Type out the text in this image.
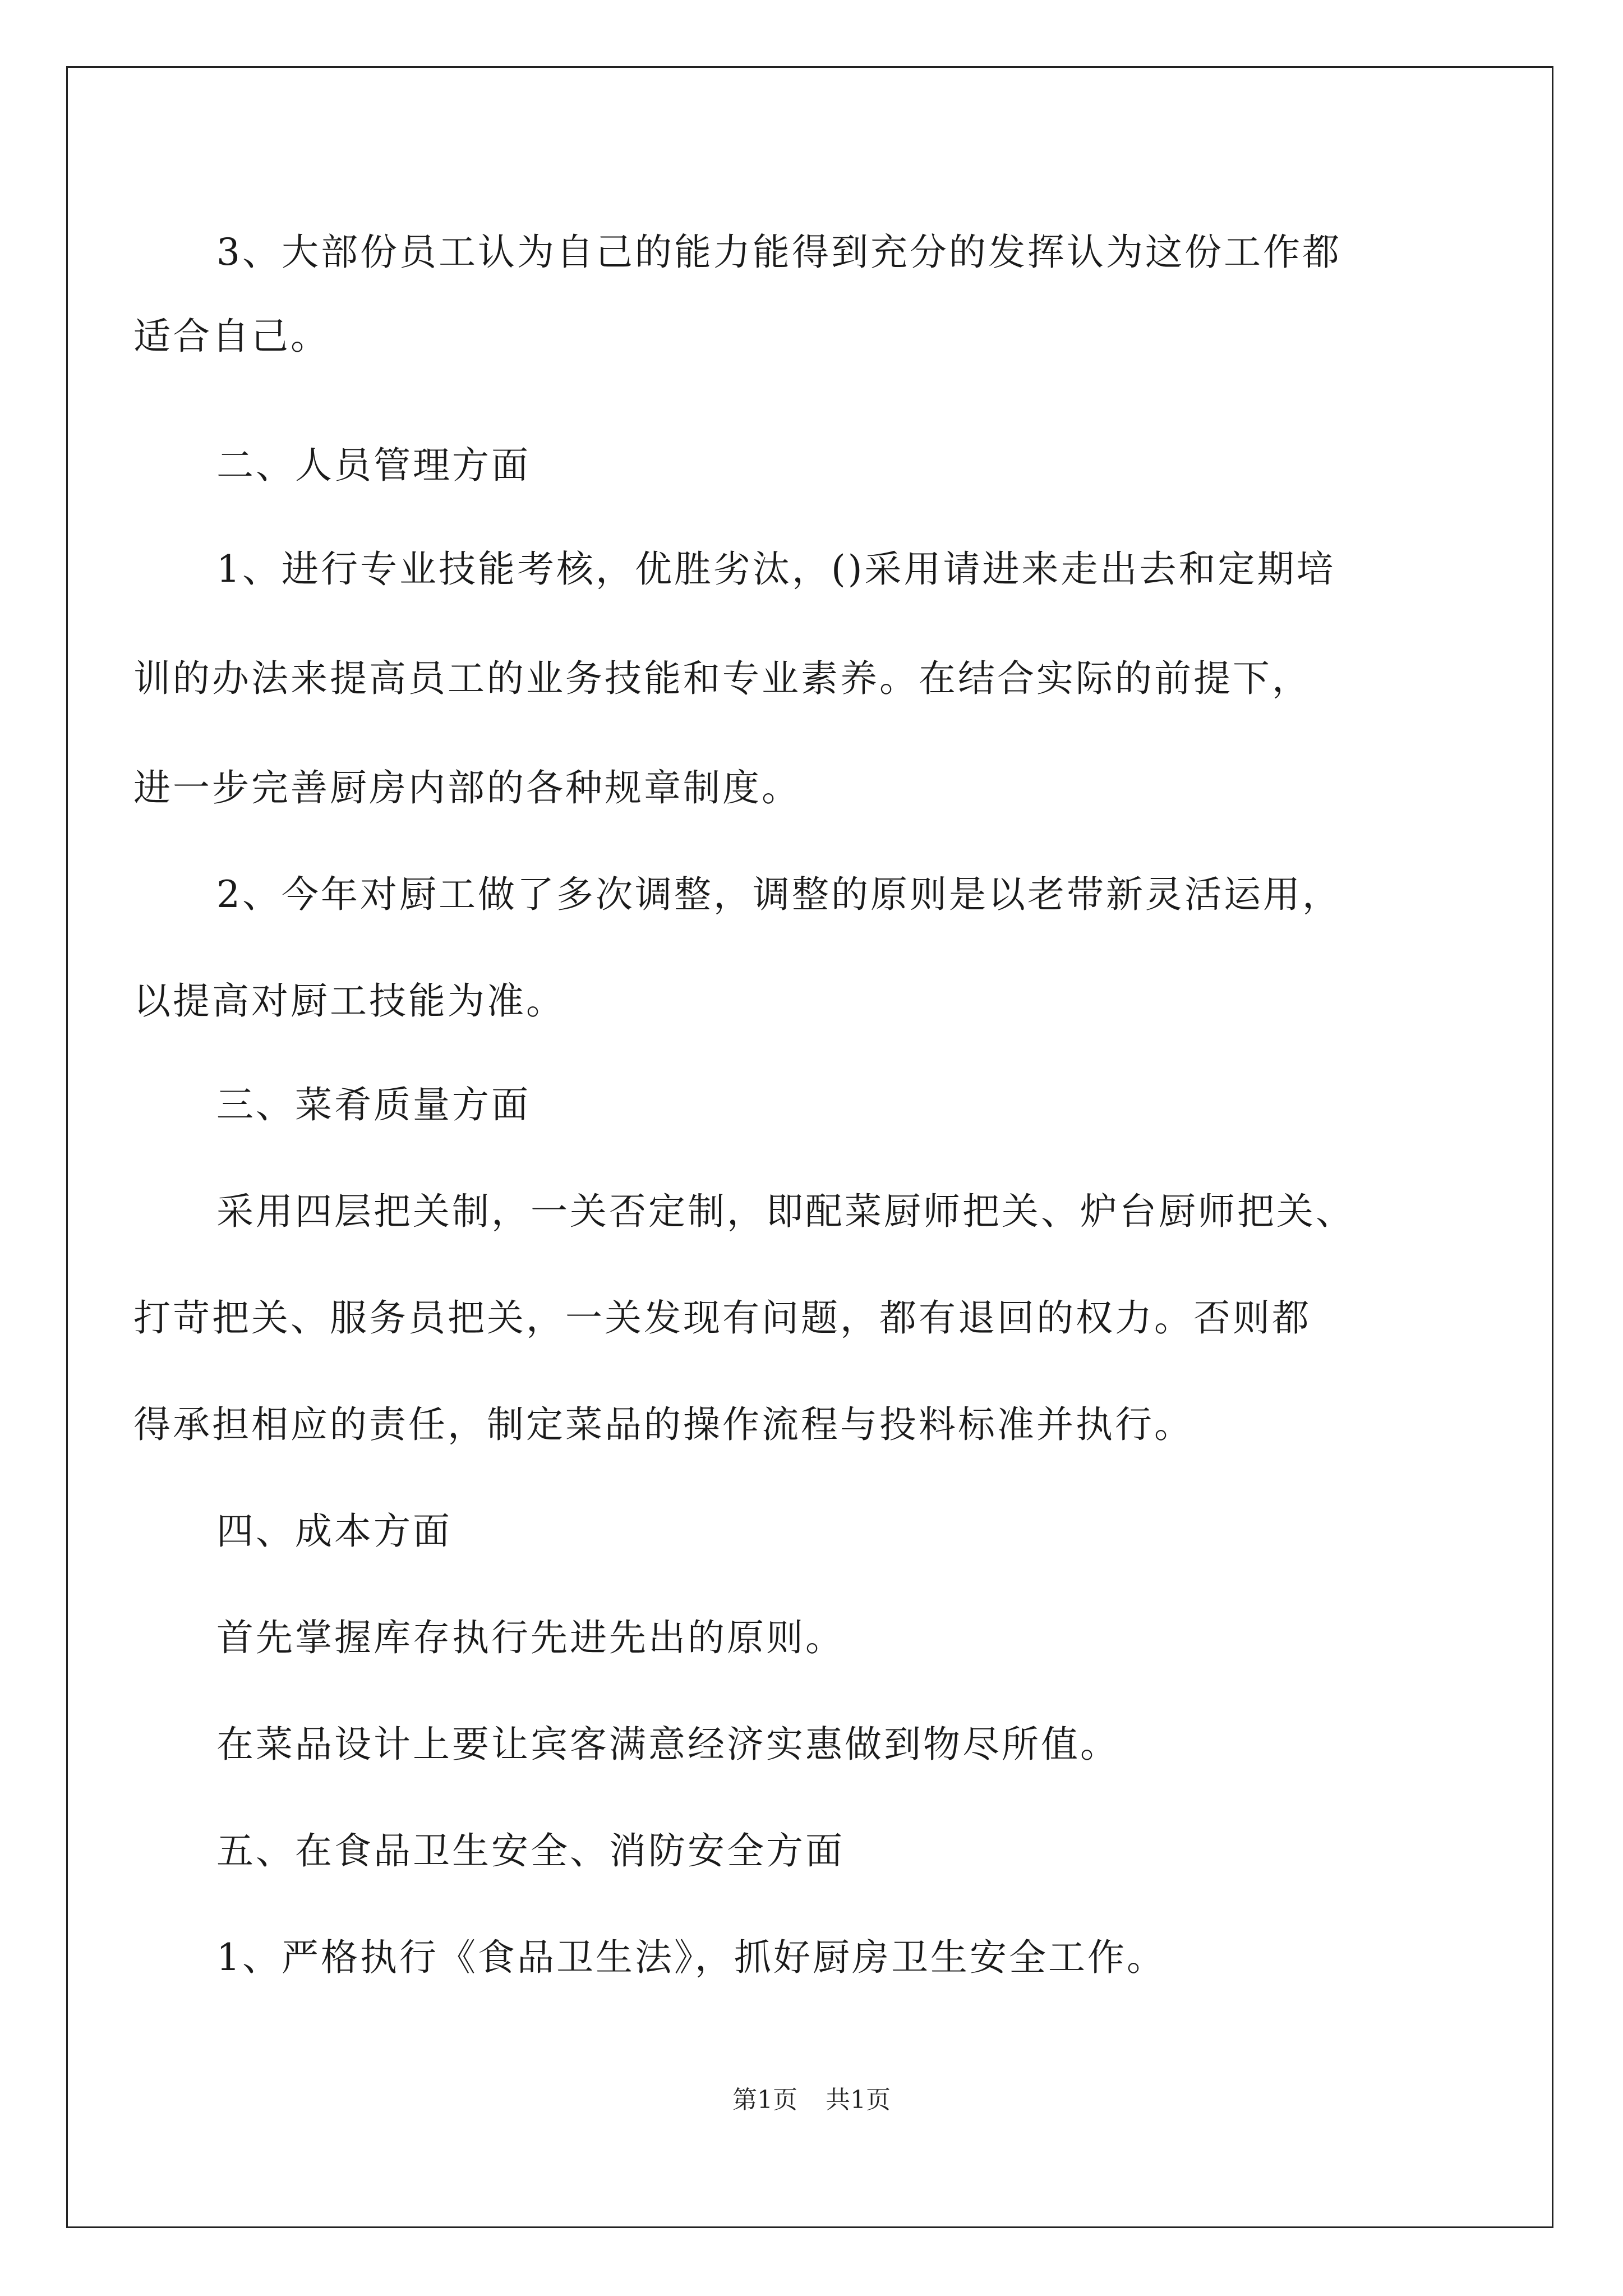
3、大部份员工认为自己的能力能得到充分的发挥认为这份工作都
适合自己。
二、人员管理方面
1、进行专业技能考核，优胜劣汰，()采用请进来走出去和定期培
训的办法来提高员工的业务技能和专业素养。在结合实际的前提下，
进一步完善厨房内部的各种规章制度。
2、今年对厨工做了多次调整，调整的原则是以老带新灵活运用，
以提高对厨工技能为准。
三、菜肴质量方面
采用四层把关制，一关否定制，即配菜厨师把关、炉台厨师把关、
打苛把关、服务员把关，一关发现有问题，都有退回的权力。否则都
得承担相应的责任，制定菜品的操作流程与投料标准并执行。
四、成本方面
首先掌握库存执行先进先出的原则。
在菜品设计上要让宾客满意经济实惠做到物尽所值。
五、在食品卫生安全、消防安全方面
1、严格执行《食品卫生法》，抓好厨房卫生安全工作。
第1页 共1页
